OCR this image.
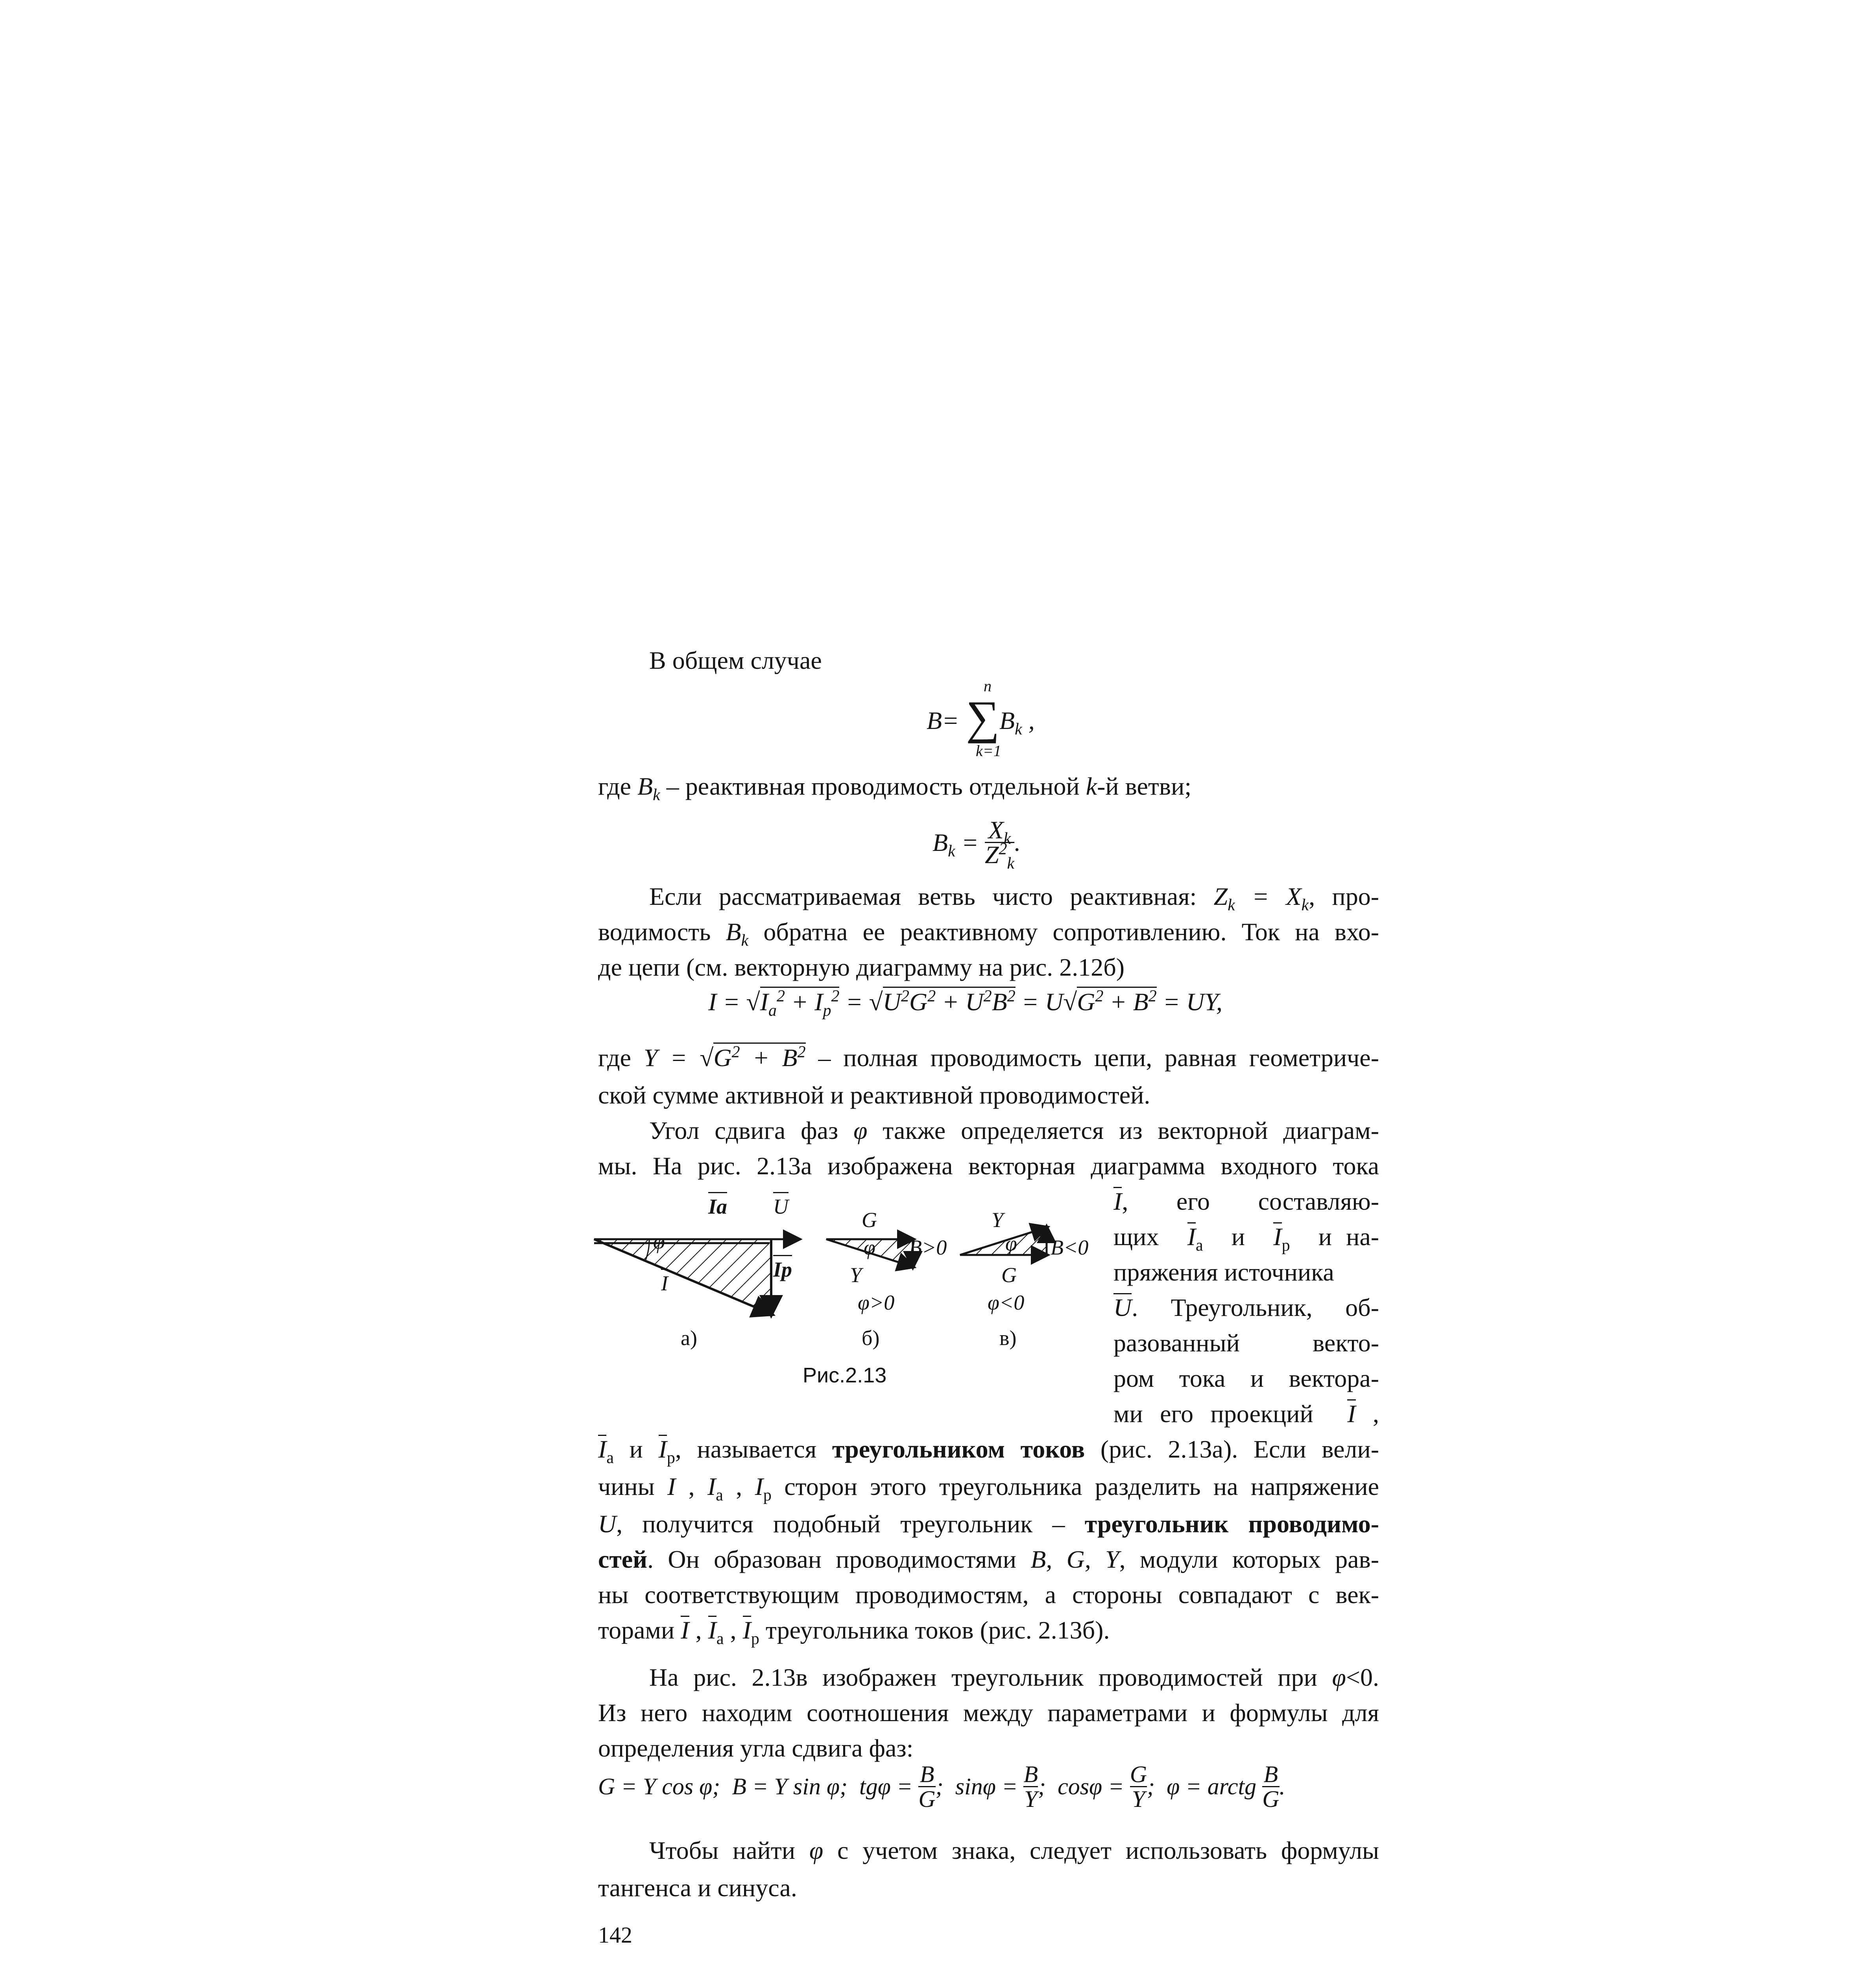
В общем случае
B= ∑
n
k=1
$B_k$ ,
где $B_k$ – реактивная проводимость отдельной k-й ветви;
$B_k = \frac{X_k}{Z^2_k}$ .
Если рассматриваемая ветвь чисто реактивная: $Z_k = X_k$, про-
водимость $B_k$ обратна ее реактивному сопротивлению. Ток на вхо-
де цепи (см. векторную диаграмму на рис. 2.12б)
$I = √I_а^2 + I_р^2 = √U^2G^2 + U^2B^2 = U√G^2 + B^2$ = UY,
где $Y = √G^2 + B^2$ – полная проводимость цепи, равная геометриче-
ской сумме активной и реактивной проводимостей.
Угол сдвига фаз φ также определяется из векторной диаграм-
мы. На рис. 2.13а изображена векторная диаграмма входного тока
I, его составляю-
щих $I_а$ и $I_р$ и на-
пряжения источника
U. Треугольник, об-
разованный векто-
ром тока и вектора-
ми его проекций I ,
Iа U
φ
Iр
I
G
φ B>0
Y
Y
φ B<0
G
φ>0	φ<0
а)	б)	в)
Рис.2.13
$I_а$ и $I_р$, называется треугольником токов (рис. 2.13а). Если вели-
чины I , $I_а$ , $I_р$ сторон этого треугольника разделить на напряжение
U, получится подобный треугольник – треугольник проводимо-
стей. Он образован проводимостями B, G, Y, модули которых рав-
ны соответствующим проводимостям, а стороны совпадают с век-
торами I , $I_а$ , $I_р$ треугольника токов (рис. 2.13б).
На рис. 2.13в изображен треугольник проводимостей при φ<0.
Из него находим соотношения между параметрами и формулы для
определения угла сдвига фаз:
G = Y cos φ;  B = Y sin φ;  $tg\varphi = \frac{B}{G}$ ;  $\sin\varphi = \frac{B}{Y}$ ;  $\cos\varphi = \frac{G}{Y}$ ;  φ = arctg $\frac{B}{G}$ .
Чтобы найти φ с учетом знака, следует использовать формулы
тангенса и синуса.
142
